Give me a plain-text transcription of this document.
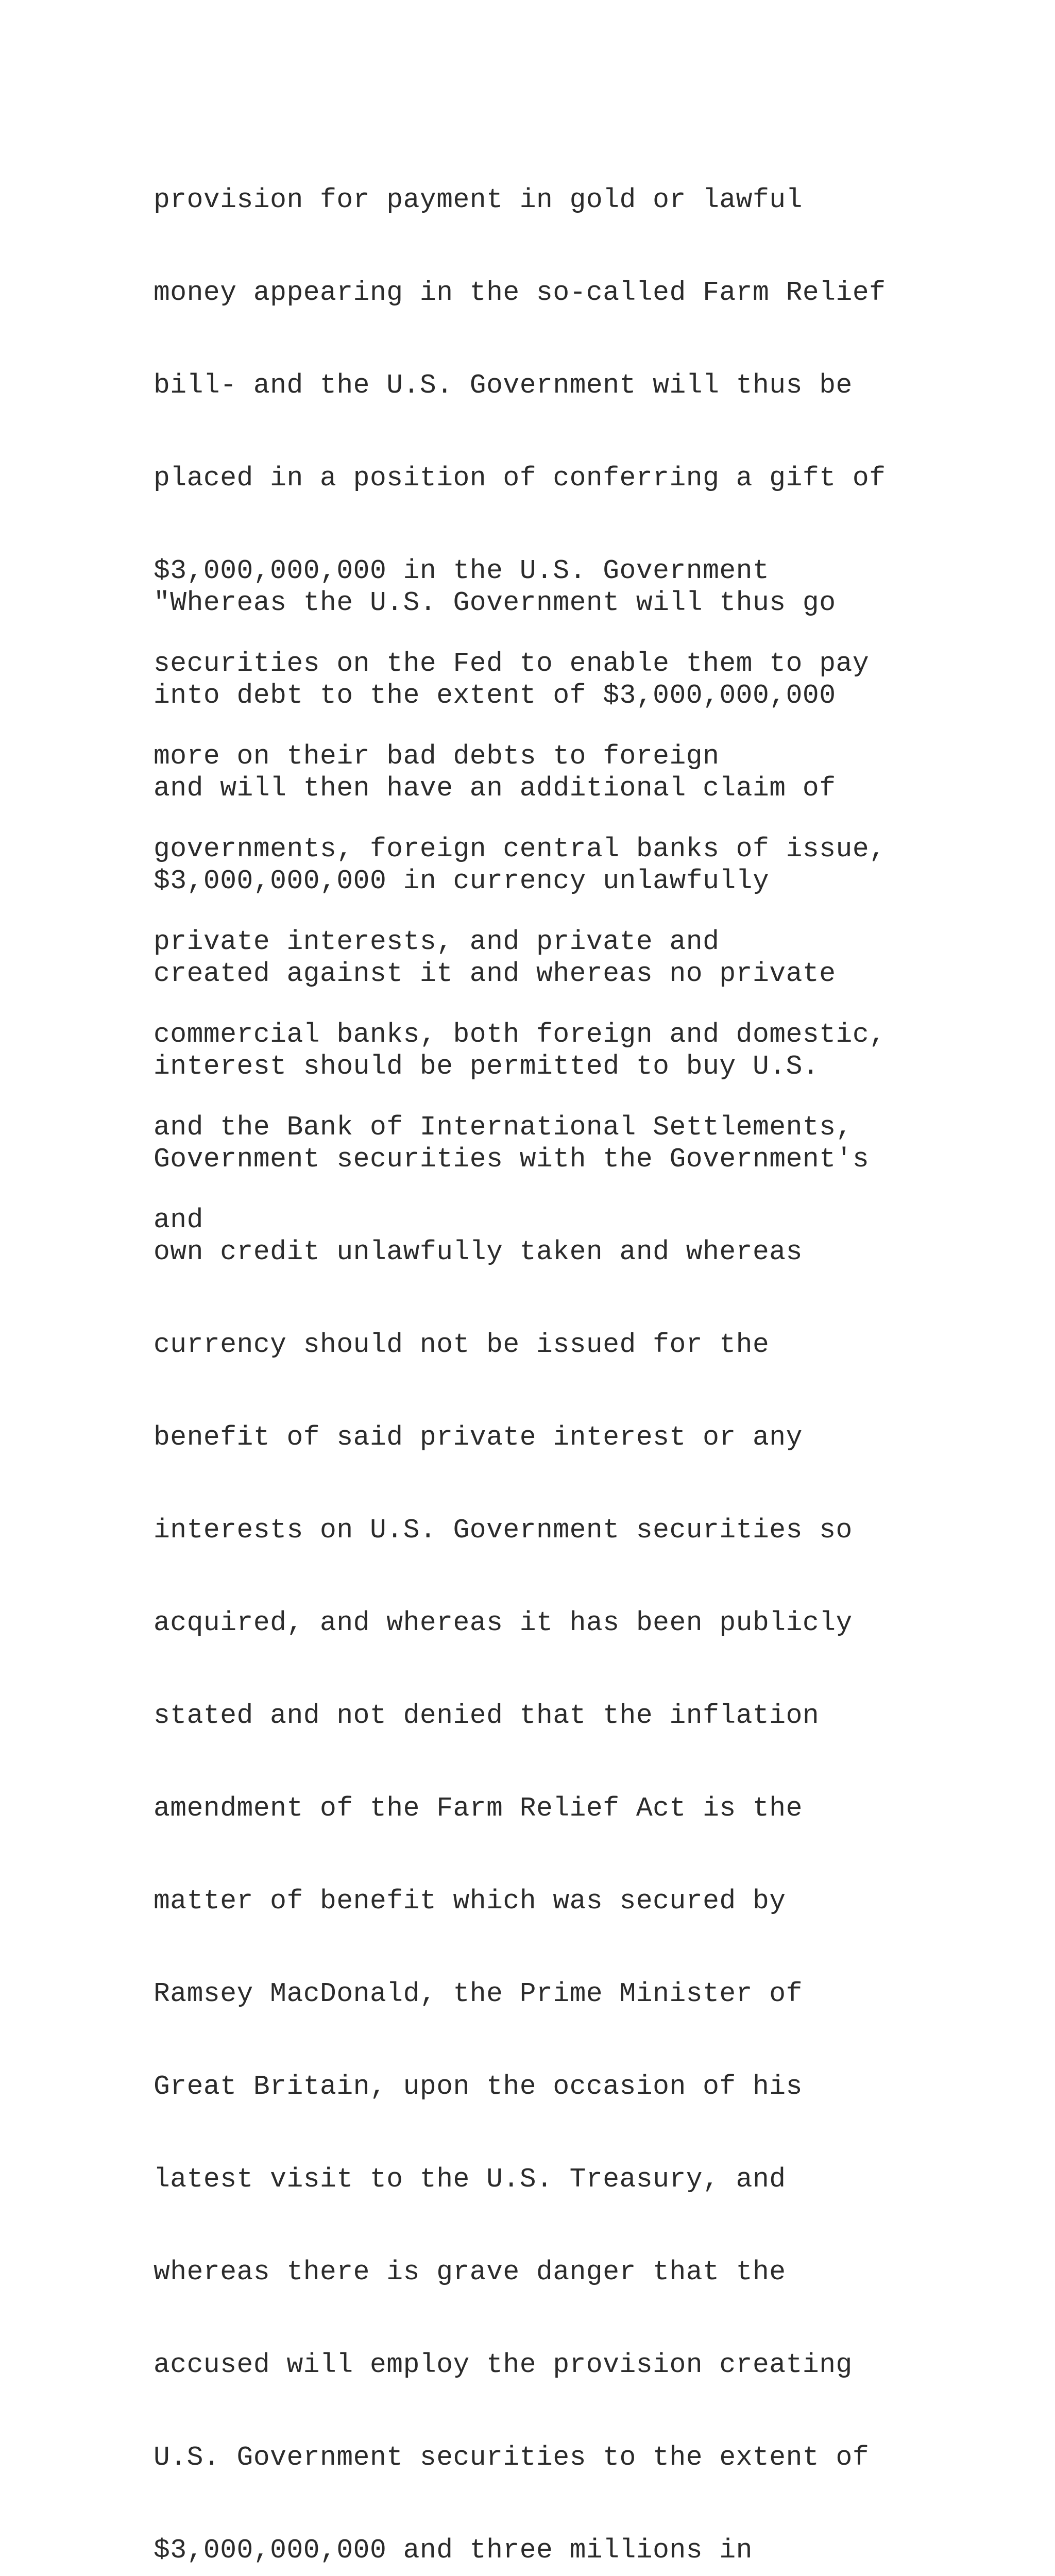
provision for payment in gold or lawful

money appearing in the so-called Farm Relief

bill- and the U.S. Government will thus be

placed in a position of conferring a gift of

$3,000,000,000 in the U.S. Government

securities on the Fed to enable them to pay

more on their bad debts to foreign

governments, foreign central banks of issue,

private interests, and private and

commercial banks, both foreign and domestic,

and the Bank of International Settlements,

and

"Whereas the U.S. Government will thus go

into debt to the extent of $3,000,000,000

and will then have an additional claim of

$3,000,000,000 in currency unlawfully

created against it and whereas no private

interest should be permitted to buy U.S.

Government securities with the Government's

own credit unlawfully taken and whereas

currency should not be issued for the

benefit of said private interest or any

interests on U.S. Government securities so

acquired, and whereas it has been publicly

stated and not denied that the inflation

amendment of the Farm Relief Act is the

matter of benefit which was secured by

Ramsey MacDonald, the Prime Minister of

Great Britain, upon the occasion of his

latest visit to the U.S. Treasury, and

whereas there is grave danger that the

accused will employ the provision creating

U.S. Government securities to the extent of

$3,000,000,000 and three millions in
